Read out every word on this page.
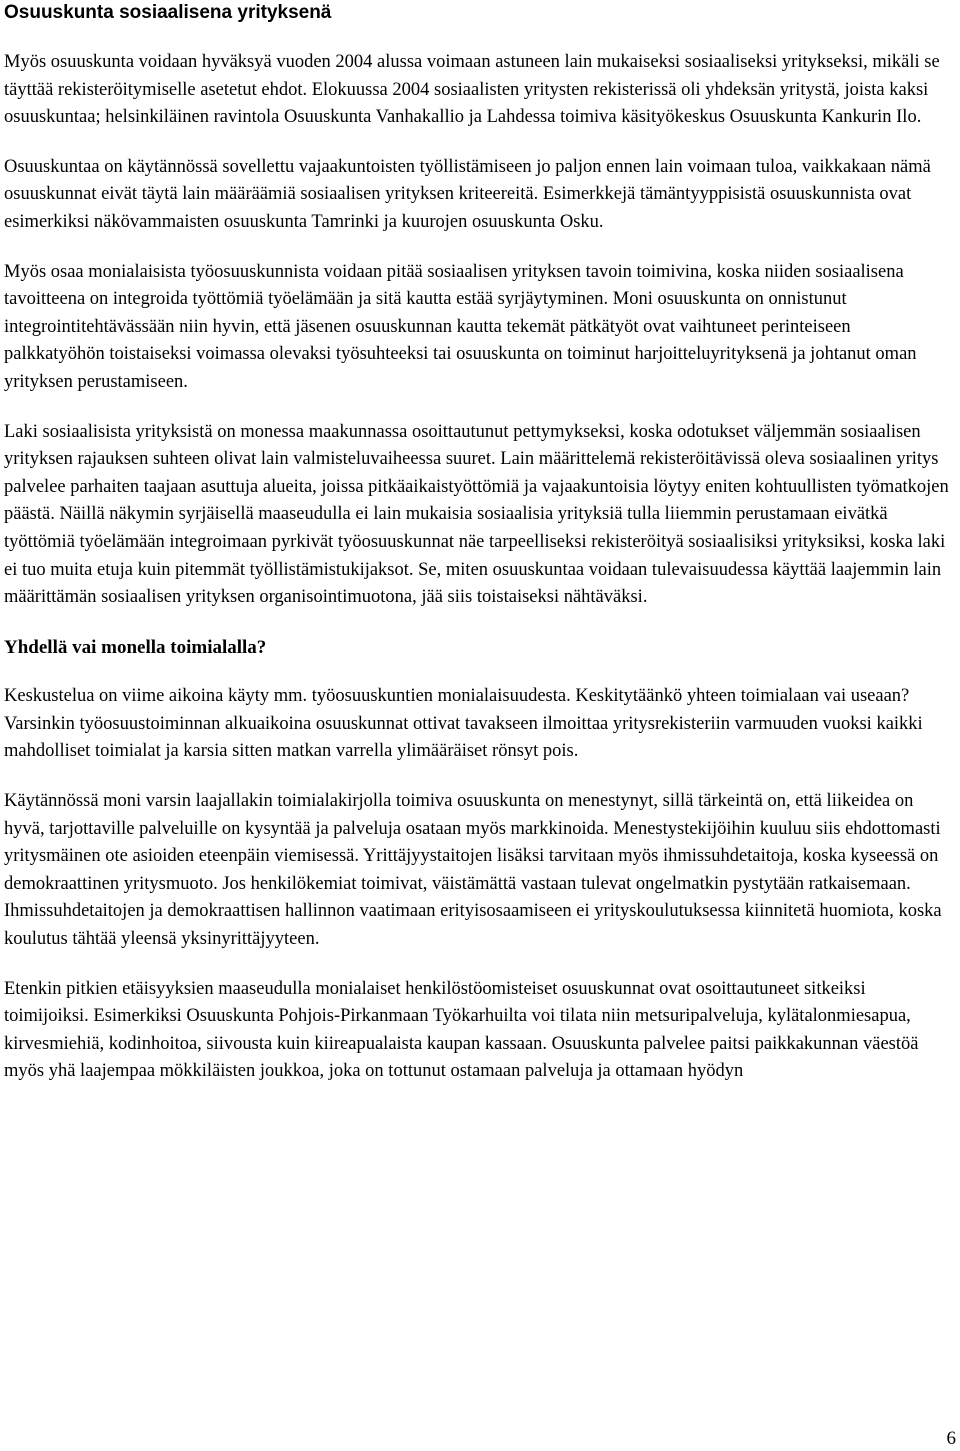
Osuuskunta sosiaalisena yrityksenä

Myös osuuskunta voidaan hyväksyä vuoden 2004 alussa voimaan astuneen lain mukaiseksi sosiaaliseksi yritykseksi, mikäli se täyttää rekisteröitymiselle asetetut ehdot. Elokuussa 2004 sosiaalisten yritysten rekisterissä oli yhdeksän yritystä, joista kaksi osuuskuntaa; helsinkiläinen ravintola Osuuskunta Vanhakallio ja Lahdessa toimiva käsityökeskus Osuuskunta Kankurin Ilo.

Osuuskuntaa on käytännössä sovellettu vajaakuntoisten työllistämiseen jo paljon ennen lain voimaan tuloa, vaikkakaan nämä osuuskunnat eivät täytä lain määräämiä sosiaalisen yrityksen kriteereitä. Esimerkkejä tämäntyyppisistä osuuskunnista ovat esimerkiksi näkövammaisten osuuskunta Tamrinki ja kuurojen osuuskunta Osku.

Myös osaa monialaisista työosuuskunnista voidaan pitää sosiaalisen yrityksen tavoin toimivina, koska niiden sosiaalisena tavoitteena on integroida työttömiä työelämään ja sitä kautta estää syrjäytyminen. Moni osuuskunta on onnistunut integrointitehtävässään niin hyvin, että jäsenen osuuskunnan kautta tekemät pätkätyöt ovat vaihtuneet perinteiseen palkkatyöhön toistaiseksi voimassa olevaksi työsuhteeksi tai osuuskunta on toiminut harjoitteluyrityksenä ja johtanut oman yrityksen perustamiseen.

Laki sosiaalisista yrityksistä on monessa maakunnassa osoittautunut pettymykseksi, koska odotukset väljemmän sosiaalisen yrityksen rajauksen suhteen olivat lain valmisteluvaiheessa suuret. Lain määrittelemä rekisteröitävissä oleva sosiaalinen yritys palvelee parhaiten taajaan asuttuja alueita, joissa pitkäaikaistyöttömiä ja vajaakuntoisia löytyy eniten kohtuullisten työmatkojen päästä. Näillä näkymin syrjäisellä maaseudulla ei lain mukaisia sosiaalisia yrityksiä tulla liiemmin perustamaan eivätkä työttömiä työelämään integroimaan pyrkivät työosuuskunnat näe tarpeelliseksi rekisteröityä sosiaalisiksi yrityksiksi, koska laki ei tuo muita etuja kuin pitemmät työllistämistukijaksot. Se, miten osuuskuntaa voidaan tulevaisuudessa käyttää laajemmin lain määrittämän sosiaalisen yrityksen organisointimuotona, jää siis toistaiseksi nähtäväksi.

Yhdellä vai monella toimialalla?

Keskustelua on viime aikoina käyty mm. työosuuskuntien monialaisuudesta. Keskitytäänkö yhteen toimialaan vai useaan? Varsinkin työosuustoiminnan alkuaikoina osuuskunnat ottivat tavakseen ilmoittaa yritysrekisteriin varmuuden vuoksi kaikki mahdolliset toimialat ja karsia sitten matkan varrella ylimääräiset rönsyt pois.

Käytännössä moni varsin laajallakin toimialakirjolla toimiva osuuskunta on menestynyt, sillä tärkeintä on, että liikeidea on hyvä, tarjottaville palveluille on kysyntää ja palveluja osataan myös markkinoida. Menestystekijöihin kuuluu siis ehdottomasti yritysmäinen ote asioiden eteenpäin viemisessä. Yrittäjyystaitojen lisäksi tarvitaan myös ihmissuhdetaitoja, koska kyseessä on demokraattinen yritysmuoto. Jos henkilökemiat toimivat, väistämättä vastaan tulevat ongelmatkin pystytään ratkaisemaan. Ihmissuhdetaitojen ja demokraattisen hallinnon vaatimaan erityisosaamiseen ei yrityskoulutuksessa kiinnitetä huomiota, koska koulutus tähtää yleensä yksinyrittäjyyteen.

Etenkin pitkien etäisyyksien maaseudulla monialaiset henkilöstöomisteiset osuuskunnat ovat osoittautuneet sitkeiksi toimijoiksi. Esimerkiksi Osuuskunta Pohjois-Pirkanmaan Työkarhuilta voi tilata niin metsuripalveluja, kylätalonmiesapua, kirvesmiehiä, kodinhoitoa, siivousta kuin kiireapualaista kaupan kassaan. Osuuskunta palvelee paitsi paikkakunnan väestöä myös yhä laajempaa mökkiläisten joukkoa, joka on tottunut ostamaan palveluja ja ottamaan hyödyn

6
